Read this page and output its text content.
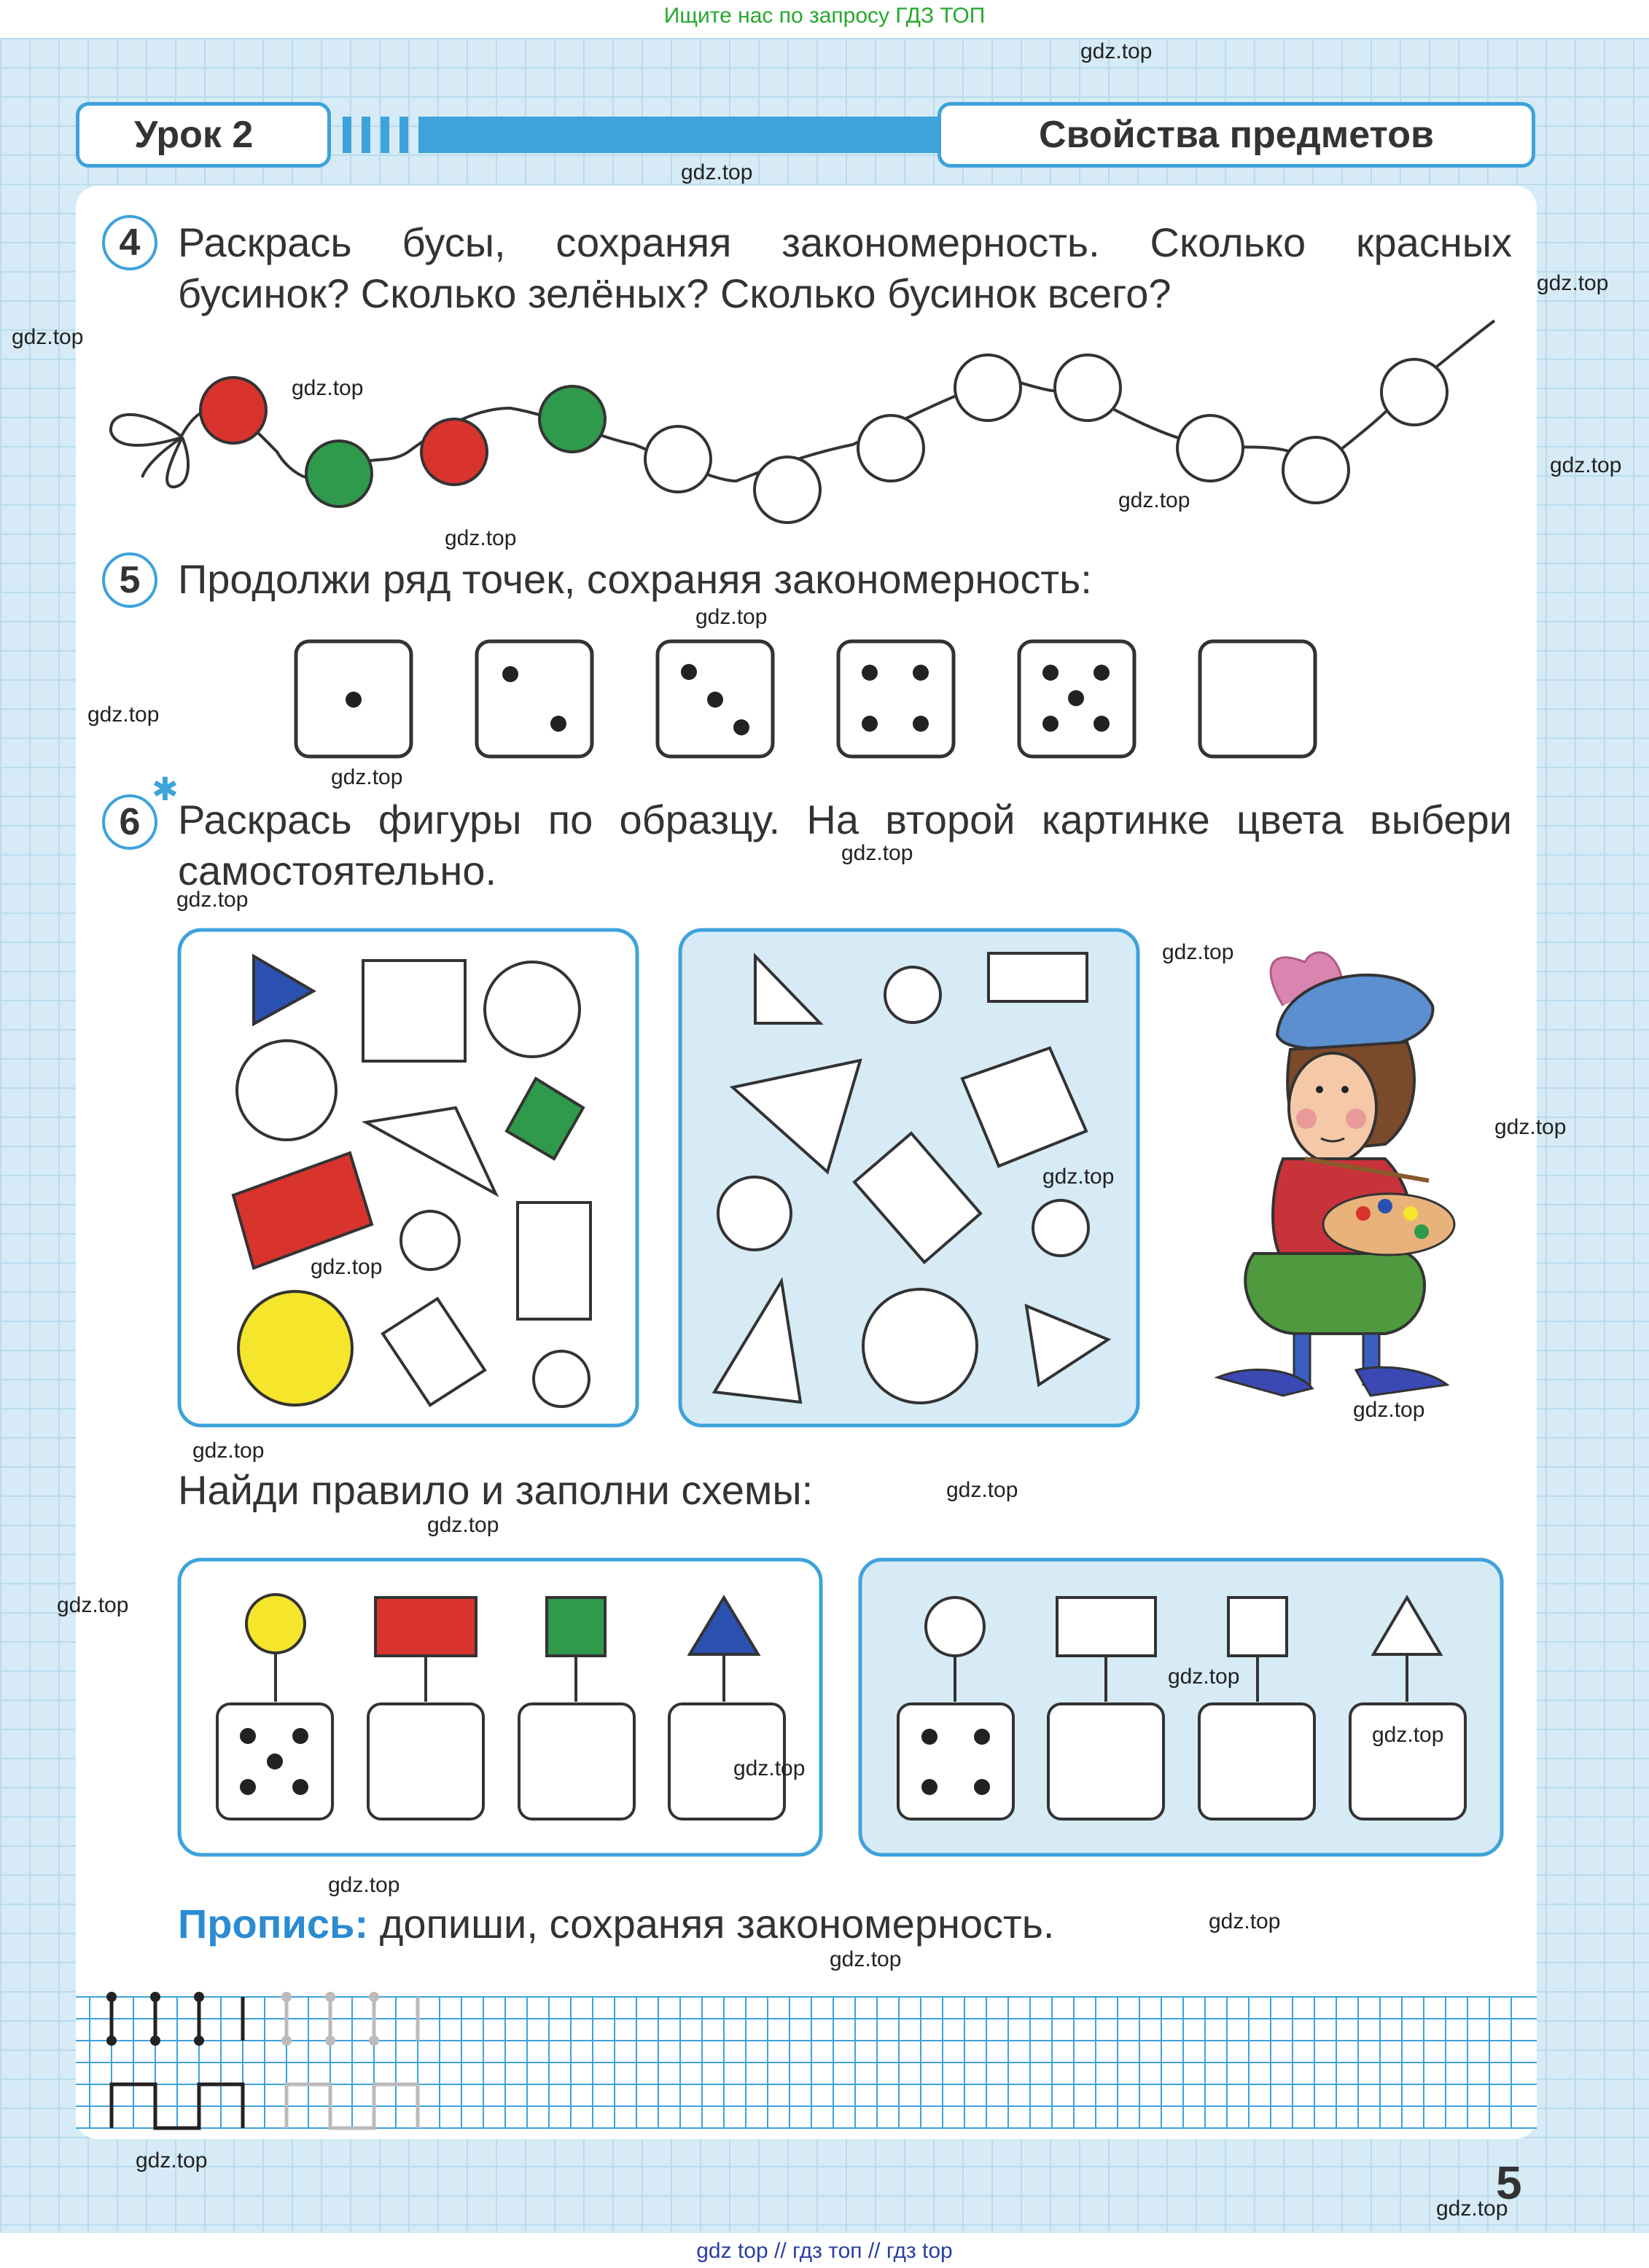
Ищите нас по запросу ГДЗ ТОП
Урок 2	Свойства предметов
4 Раскрась бусы, сохраняя закономерность. Сколько красных
бусинок? Сколько зелёных? Сколько бусинок всего?
5 Продолжи ряд точек, сохраняя закономерность:
✱
6 Раскрась фигуры по образцу. На второй картинке цвета выбери
самостоятельно.
Найди правило и заполни схемы:
Пропись: допиши, сохраняя закономерность.
5
gdz.top
gdz.top
gdz.top
gdz.top
gdz.top
gdz.top
gdz.top
gdz.top
gdz.top
gdz.top
gdz.top
gdz.top
gdz.top
gdz.top
gdz.top
gdz.top
gdz.top
gdz.top
gdz.top
gdz.top
gdz.top
gdz.top
gdz.top
gdz.top
gdz.top
gdz.top
gdz.top
gdz.top
gdz.top
gdz.top
gdz top // гдз топ // гдз top
